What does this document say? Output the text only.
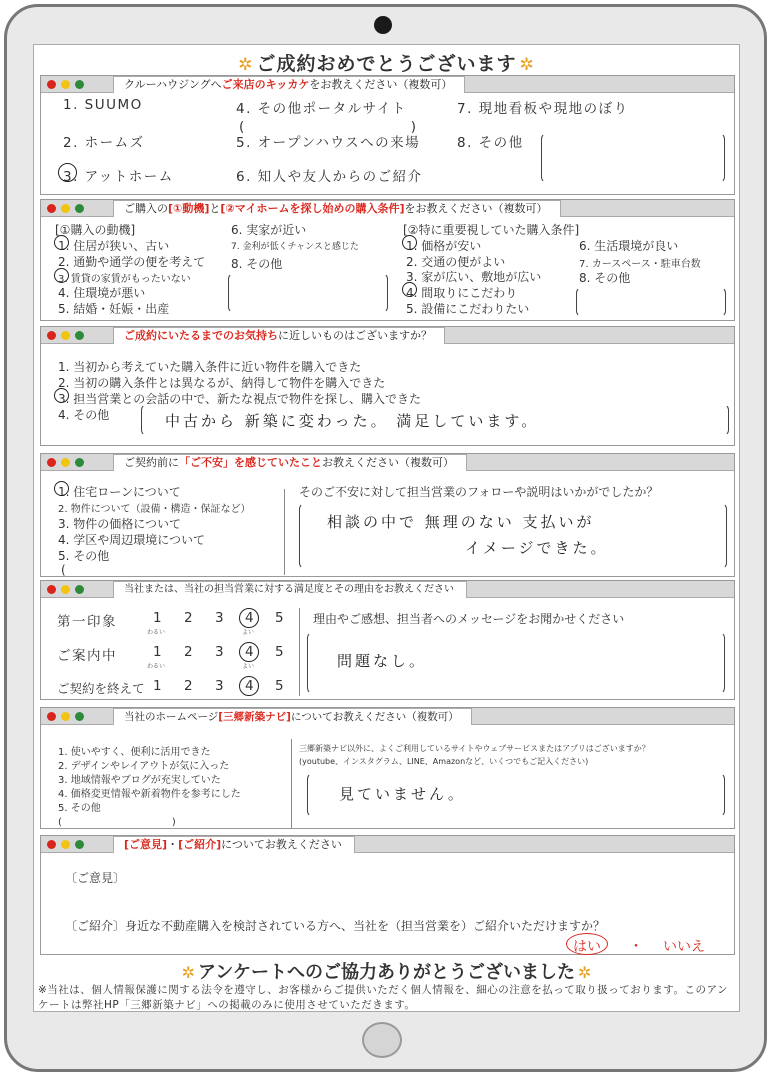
✲ ご成約おめでとうございます ✲
クルーハウジングへご来店のキッカケをお教えください（複数可）
1. SUUMO
2. ホームズ
3. アットホーム
4. その他ポータルサイト
(　　　　　　　　　　　)
5. オープンハウスへの来場
6. 知人や友人からのご紹介
7. 現地看板や現地のぼり
8. その他
ご購入の[①動機]と[②マイホームを探し始めの購入条件]をお教えください（複数可）
[①購入の動機]
1. 住居が狭い、古い
2. 通勤や通学の便を考えて
3. 賃貸の家賃がもったいない
4. 住環境が悪い
5. 結婚・妊娠・出産
6. 実家が近い
7. 金利が低くチャンスと感じた
8. その他
[②特に重要視していた購入条件]
1. 価格が安い
2. 交通の便がよい
3. 家が広い、敷地が広い
4. 間取りにこだわり
5. 設備にこだわりたい
6. 生活環境が良い
7. カースペース・駐車台数
8. その他
ご成約にいたるまでのお気持ちに近しいものはございますか？
1. 当初から考えていた購入条件に近い物件を購入できた
2. 当初の購入条件とは異なるが、納得して物件を購入できた
3. 担当営業との会話の中で、新たな視点で物件を探し、購入できた
4. その他	中古から 新築に変わった。 満足しています。
ご契約前に「ご不安」を感じていたことお教えください（複数可）
1. 住宅ローンについて
2. 物件について（設備・構造・保証など）
3. 物件の価格について
4. 学区や周辺環境について
5. その他
(
そのご不安に対して担当営業のフォローや説明はいかがでしたか？
相談の中で 無理のない 支払いが
イメージできた。
当社または、当社の担当営業に対する満足度とその理由をお教えください
第一印象	1 2 3 4 5
わるい	よい
ご案内中	1 2 3 4 5
わるい	よい
ご契約を終えて 1 2 3 4 5
理由やご感想、担当者へのメッセージをお聞かせください
問題なし。
当社のホームページ[三郷新築ナビ]についてお教えください（複数可）
1. 使いやすく、便利に活用できた
2. デザインやレイアウトが気に入った
3. 地域情報やブログが充実していた
4. 価格変更情報や新着物件を参考にした
5. その他
(　　　　　　　　　　　)
三郷新築ナビ以外に、よくご利用しているサイトやウェブサービスまたはアプリはございますか？
(youtube、インスタグラム、LINE、Amazonなど、いくつでもご記入ください)
見ていません。
[ご意見]・[ご紹介]についてお教えください
〔ご意見〕
〔ご紹介〕身近な不動産購入を検討されている方へ、当社を（担当営業を）ご紹介いただけますか？
はい ・ いいえ
✲ アンケートへのご協力ありがとうございました ✲
※当社は、個人情報保護に関する法令を遵守し、お客様からご提供いただく個人情報を、細心の注意を払って取り扱っております。このアンケートは弊社HP「三郷新築ナビ」への掲載のみに使用させていただきます。
